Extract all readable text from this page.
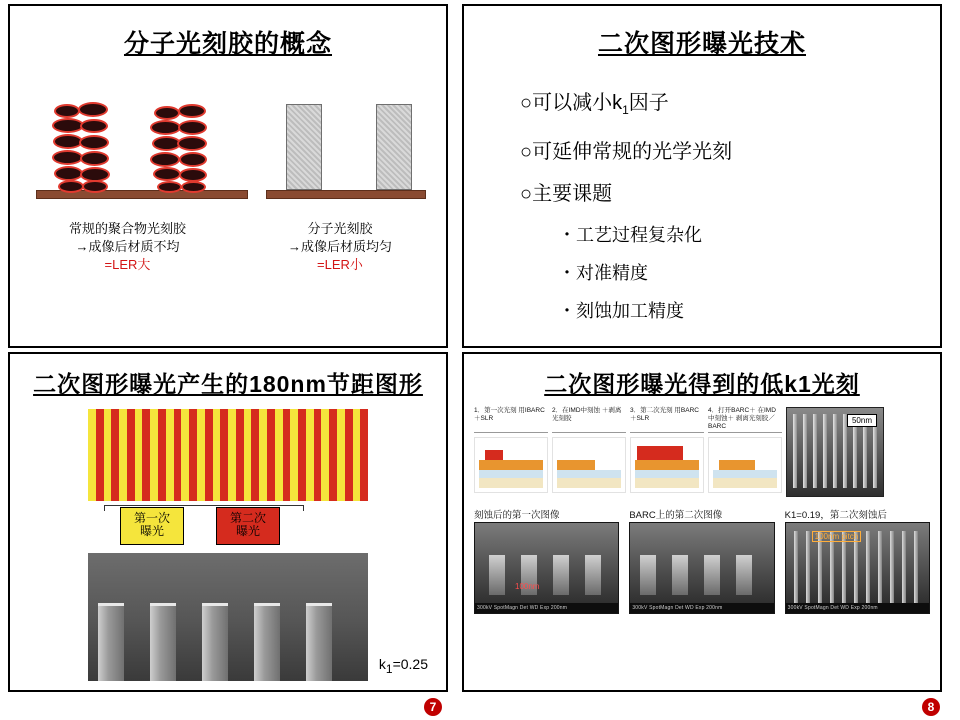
分子光刻胶的概念
常规的聚合物光刻胶
→成像后材质不均
=LER大
分子光刻胶
→成像后材质均匀
=LER小
二次图形曝光技术
○可以减小$k_1$因子
○可延伸常规的光学光刻
○主要课题
・工艺过程复杂化
・对准精度
・刻蚀加工精度
二次图形曝光产生的180nm节距图形
第一次
曝光
第二次
曝光
k1=0.25
二次图形曝光得到的低k1光刻
1．第一次光刻 用IBARC＋SLR
2．在IMD中刻蚀 ＋剥离光刻胶
3．第二次光刻 用BARC＋SLR
4．打开BARC＋ 在IMD中刻蚀＋ 剥离光刻胶／BARC
50nm
刻蚀后的第一次图像
100nm
300kV SpotMagn Det WD Exp 200nm
BARC上的第二次图像
300kV SpotMagn Det WD Exp 200nm
K1=0.19，第二次刻蚀后
100nm pitch
300kV SpotMagn Det WD Exp 200nm
7	8
